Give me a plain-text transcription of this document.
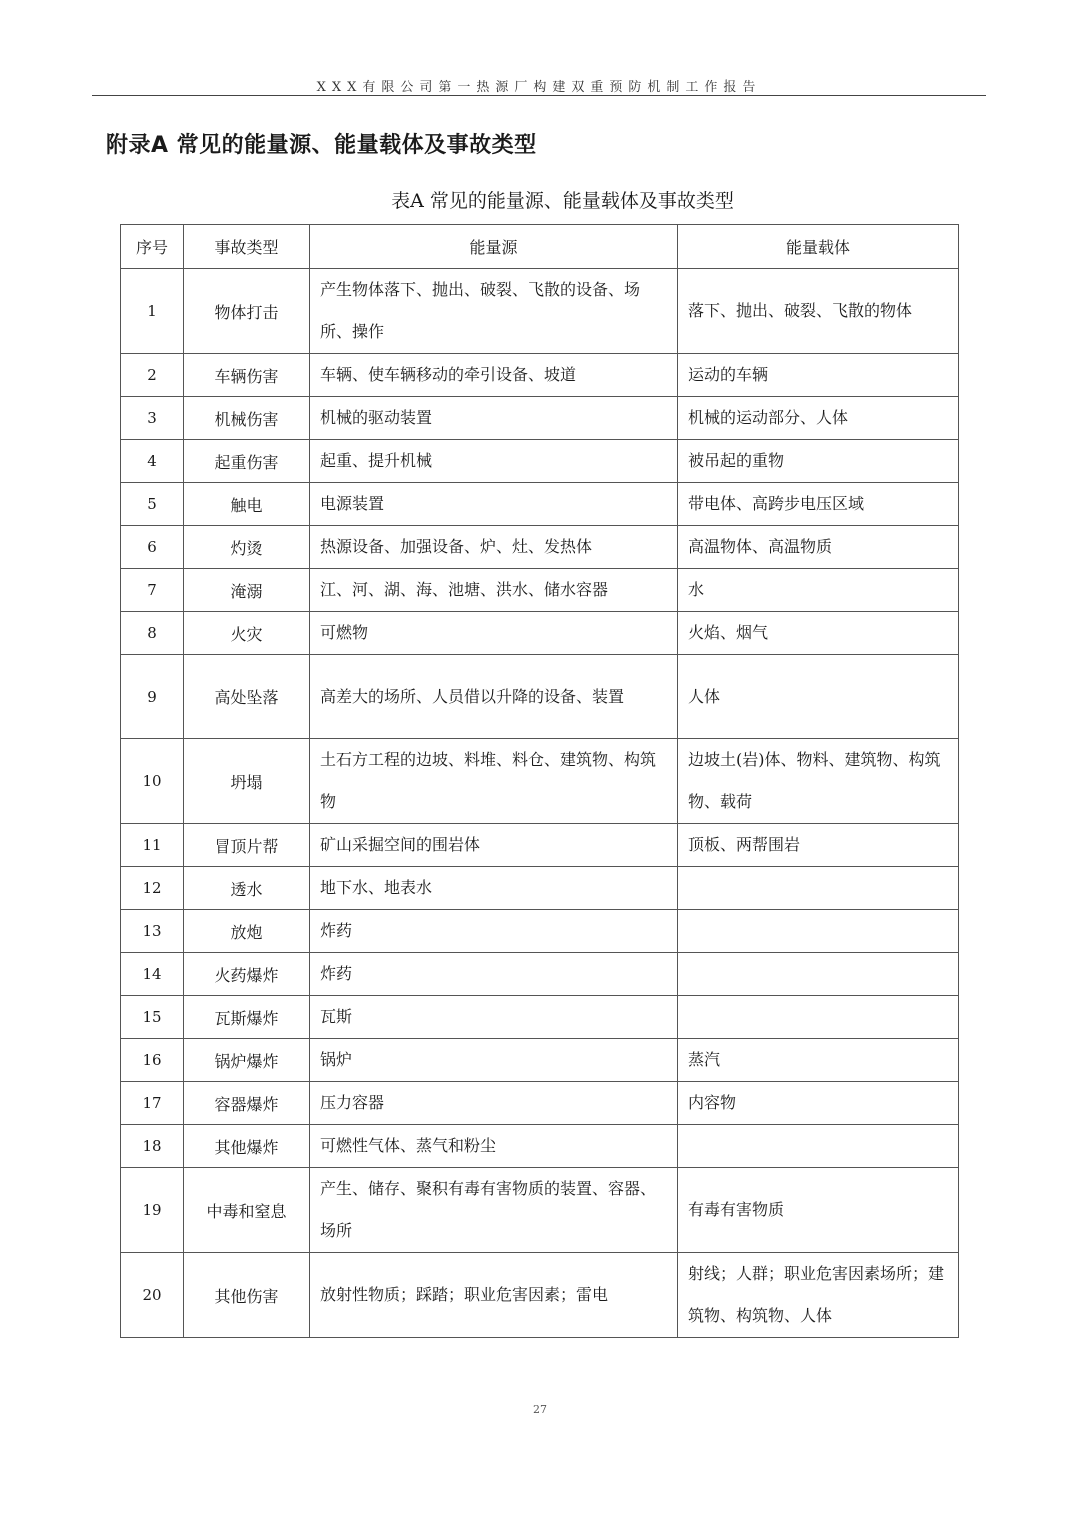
XXX有限公司第一热源厂构建双重预防机制工作报告
附录A 常见的能量源、能量载体及事故类型
表A 常见的能量源、能量载体及事故类型
序号	事故类型	能量源	能量载体
1	物体打击	产生物体落下、抛出、破裂、飞散的设备、场所、操作	落下、抛出、破裂、飞散的物体
2	车辆伤害	车辆、使车辆移动的牵引设备、坡道	运动的车辆
3	机械伤害	机械的驱动装置	机械的运动部分、人体
4	起重伤害	起重、提升机械	被吊起的重物
5	触电	电源装置	带电体、高跨步电压区域
6	灼烫	热源设备、加强设备、炉、灶、发热体	高温物体、高温物质
7	淹溺	江、河、湖、海、池塘、洪水、储水容器	水
8	火灾	可燃物	火焰、烟气
9	高处坠落	高差大的场所、人员借以升降的设备、装置	人体
10	坍塌	土石方工程的边坡、料堆、料仓、建筑物、构筑物	边坡土(岩)体、物料、建筑物、构筑物、载荷
11	冒顶片帮	矿山采掘空间的围岩体	顶板、两帮围岩
12	透水	地下水、地表水	
13	放炮	炸药	
14	火药爆炸	炸药	
15	瓦斯爆炸	瓦斯	
16	锅炉爆炸	锅炉	蒸汽
17	容器爆炸	压力容器	内容物
18	其他爆炸	可燃性气体、蒸气和粉尘	
19	中毒和窒息	产生、储存、聚积有毒有害物质的装置、容器、场所	有毒有害物质
20	其他伤害	放射性物质；踩踏；职业危害因素；雷电	射线；人群；职业危害因素场所；建筑物、构筑物、人体
27
